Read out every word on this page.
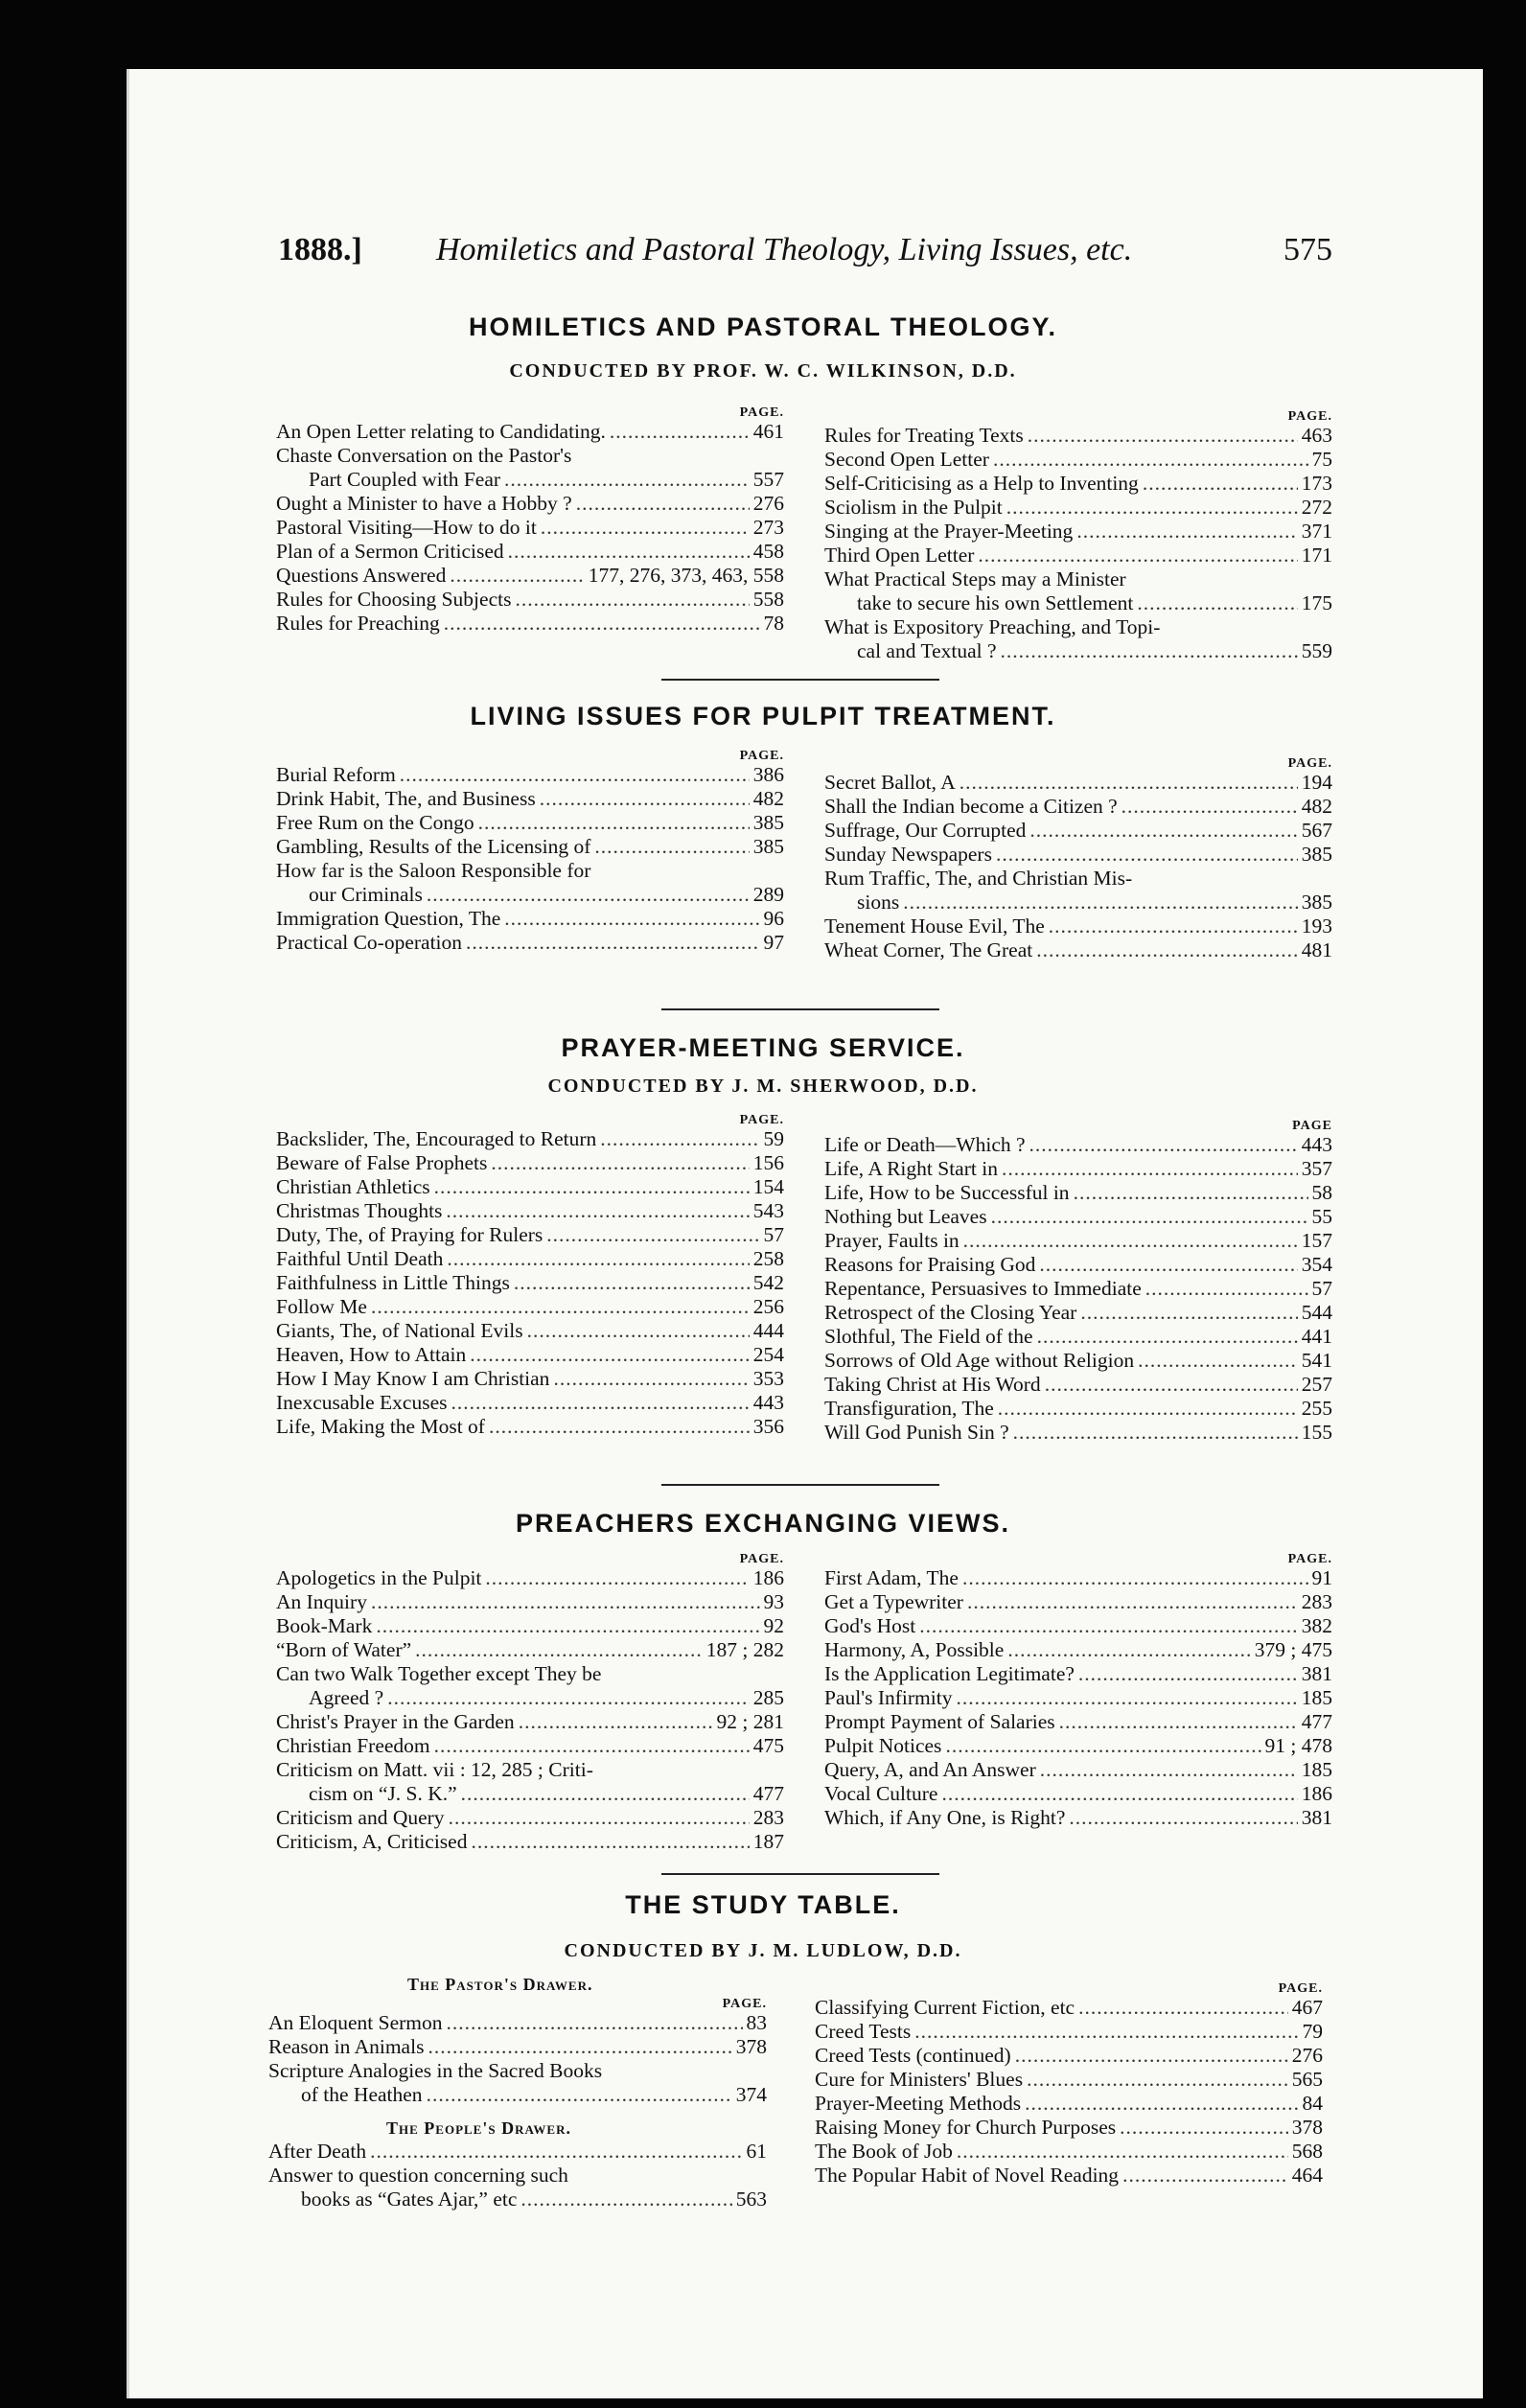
1888.] Homiletics and Pastoral Theology, Living Issues, etc.	575
HOMILETICS AND PASTORAL THEOLOGY.
CONDUCTED BY PROF. W. C. WILKINSON, D.D.
PAGE.
An Open Letter relating to Candidating. .....	461
Chaste Conversation on the Pastor's
Part Coupled with Fear .....	557
Ought a Minister to have a Hobby ? .....	276
Pastoral Visiting—How to do it .....	273
Plan of a Sermon Criticised .....	458
Questions Answered .....	177, 276, 373, 463, 558
Rules for Choosing Subjects .....	558
Rules for Preaching .....	78
PAGE.
Rules for Treating Texts .....	463
Second Open Letter .....	75
Self-Criticising as a Help to Inventing .....	173
Sciolism in the Pulpit .....	272
Singing at the Prayer-Meeting .....	371
Third Open Letter .....	171
What Practical Steps may a Minister
take to secure his own Settlement .....	175
What is Expository Preaching, and Topi-
cal and Textual ? .....	559
LIVING ISSUES FOR PULPIT TREATMENT.
PAGE.
Burial Reform .....	386
Drink Habit, The, and Business .....	482
Free Rum on the Congo .....	385
Gambling, Results of the Licensing of .....	385
How far is the Saloon Responsible for
our Criminals .....	289
Immigration Question, The .....	96
Practical Co-operation .....	97
PAGE.
Secret Ballot, A .....	194
Shall the Indian become a Citizen ? .....	482
Suffrage, Our Corrupted .....	567
Sunday Newspapers .....	385
Rum Traffic, The, and Christian Mis-
sions .....	385
Tenement House Evil, The .....	193
Wheat Corner, The Great .....	481
PRAYER-MEETING SERVICE.
CONDUCTED BY J. M. SHERWOOD, D.D.
PAGE.
Backslider, The, Encouraged to Return .....	59
Beware of False Prophets .....	156
Christian Athletics .....	154
Christmas Thoughts .....	543
Duty, The, of Praying for Rulers .....	57
Faithful Until Death .....	258
Faithfulness in Little Things .....	542
Follow Me .....	256
Giants, The, of National Evils .....	444
Heaven, How to Attain .....	254
How I May Know I am Christian .....	353
Inexcusable Excuses .....	443
Life, Making the Most of .....	356
PAGE
Life or Death—Which ? .....	443
Life, A Right Start in .....	357
Life, How to be Successful in .....	58
Nothing but Leaves .....	55
Prayer, Faults in .....	157
Reasons for Praising God .....	354
Repentance, Persuasives to Immediate .....	57
Retrospect of the Closing Year .....	544
Slothful, The Field of the .....	441
Sorrows of Old Age without Religion .....	541
Taking Christ at His Word .....	257
Transfiguration, The .....	255
Will God Punish Sin ? .....	155
PREACHERS EXCHANGING VIEWS.
PAGE.
Apologetics in the Pulpit .....	186
An Inquiry .....	93
Book-Mark .....	92
“Born of Water” .....	187 ; 282
Can two Walk Together except They be
Agreed ? .....	285
Christ's Prayer in the Garden .....	92 ; 281
Christian Freedom .....	475
Criticism on Matt. vii : 12, 285 ; Criti-
cism on “J. S. K.” .....	477
Criticism and Query .....	283
Criticism, A, Criticised .....	187
PAGE.
First Adam, The .....	91
Get a Typewriter .....	283
God's Host .....	382
Harmony, A, Possible .....	379 ; 475
Is the Application Legitimate? .....	381
Paul's Infirmity .....	185
Prompt Payment of Salaries .....	477
Pulpit Notices .....	91 ; 478
Query, A, and An Answer .....	185
Vocal Culture .....	186
Which, if Any One, is Right? .....	381
THE STUDY TABLE.
CONDUCTED BY J. M. LUDLOW, D.D.
The Pastor's Drawer.
PAGE.
An Eloquent Sermon .....	83
Reason in Animals .....	378
Scripture Analogies in the Sacred Books
of the Heathen .....	374
The People's Drawer.
After Death .....	61
Answer to question concerning such
books as “Gates Ajar,” etc .....	563
PAGE.
Classifying Current Fiction, etc .....	467
Creed Tests .....	79
Creed Tests (continued) .....	276
Cure for Ministers' Blues .....	565
Prayer-Meeting Methods .....	84
Raising Money for Church Purposes .....	378
The Book of Job .....	568
The Popular Habit of Novel Reading .....	464
